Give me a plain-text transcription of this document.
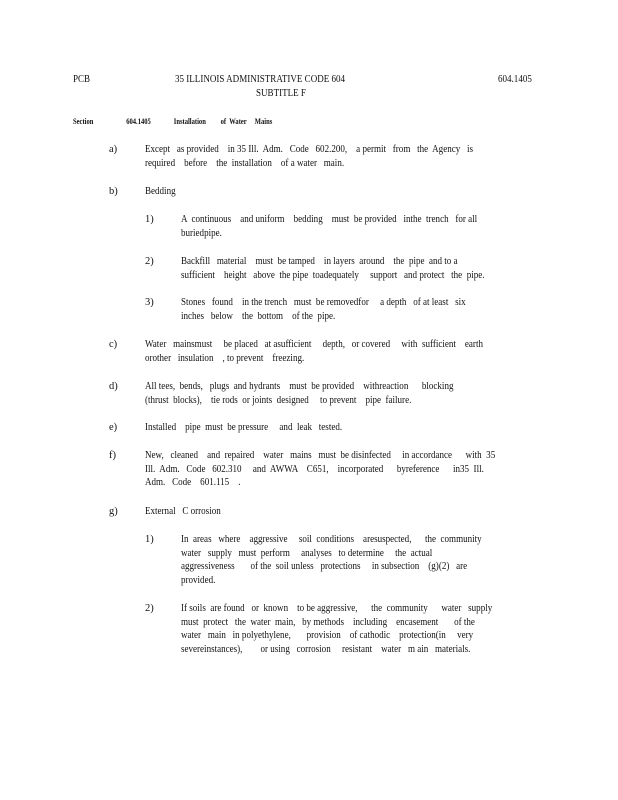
PCB	35 ILLINOIS ADMINISTRATIVE CODE 604
SUBTITLE F
604.1405
Section	604.1405	Installation         of  Water     Mains
a)	Except   as provided    in 35 Ill.  Adm.   Code   602.200,    a permit   from   the  Agency   is
required    before    the  installation    of a water   main.
b)	Bedding
1)	A  continuous    and uniform    bedding    must  be provided   inthe  trench   for all
buriedpipe.
2)	Backfill   material    must  be tamped    in layers  around    the  pipe  and to a
sufficient    height   above  the pipe  toadequately     support   and protect   the  pipe.
3)	Stones   found    in the trench   must  be removedfor     a depth   of at least   six
inches   below    the  bottom    of the  pipe.
c)	Water   mainsmust     be placed   at asufficient     depth,   or covered     with  sufficient    earth
orother   insulation    , to prevent    freezing.
d)	All tees,  bends,   plugs  and hydrants    must  be provided    withreaction      blocking
(thrust  blocks),    tie rods  or joints  designed     to prevent    pipe  failure.
e)	Installed    pipe  must  be pressure     and  leak   tested.
f)	New,   cleaned    and  repaired    water   mains   must  be disinfected     in accordance      with  35
Ill.  Adm.   Code   602.310     and  AWWA    C651,    incorporated      byreference      in35  Ill.
Adm.   Code    601.115    .
g)	External   C orrosion
1)	In  areas   where    aggressive     soil  conditions    aresuspected,      the  community
water   supply   must  perform     analyses   to determine     the  actual
aggressiveness       of the  soil unless   protections     in subsection    (g)(2)   are
provided.
2)	If soils  are found   or  known    to be aggressive,      the  community      water   supply
must  protect   the  water  main,   by methods    including    encasement       of the
water   main   in polyethylene,       provision    of cathodic    protection(in     very
severeinstances),        or using   corrosion     resistant    water   m ain   materials.
